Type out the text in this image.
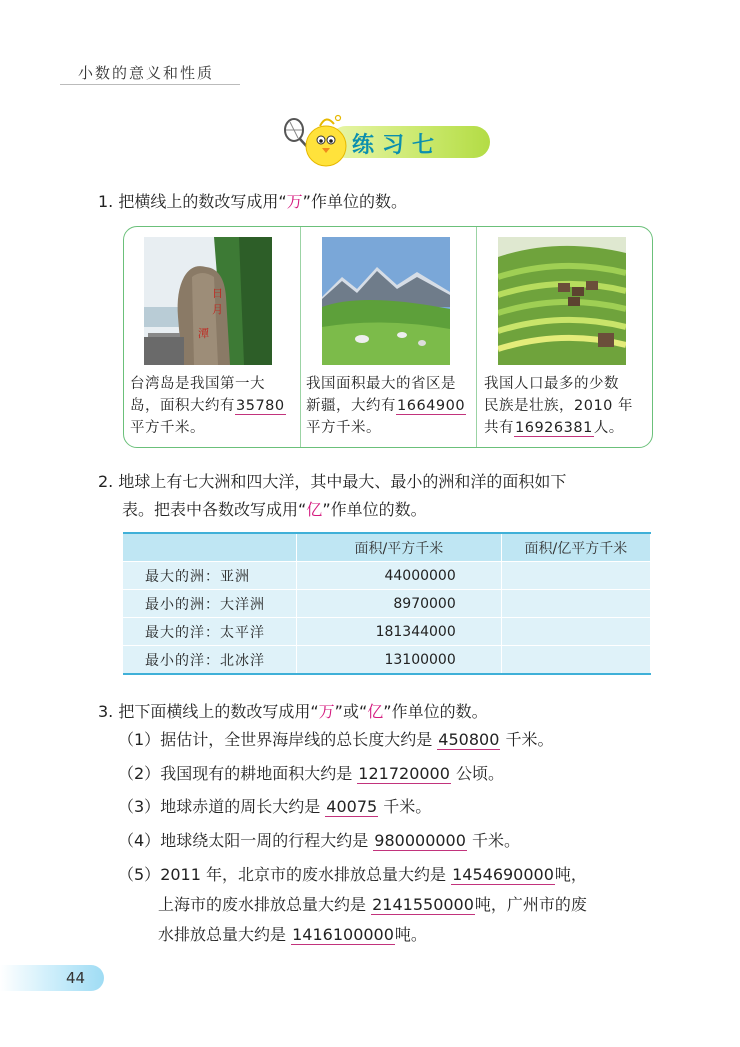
小数的意义和性质
练习七
1. 把横线上的数改写成用“万”作单位的数。
日
月
潭
台湾岛是我国第一大
岛，面积大约有35780
平方千米。
我国面积最大的省区是
新疆，大约有1664900
平方千米。
我国人口最多的少数
民族是壮族，2010 年
共有16926381人。
2. 地球上有七大洲和四大洋，其中最大、最小的洲和洋的面积如下
表。把表中各数改写成用“亿”作单位的数。
	面积/平方千米	面积/亿平方千米
最大的洲：亚洲	44000000	
最小的洲：大洋洲	8970000	
最大的洋：太平洋	181344000	
最小的洋：北冰洋	13100000	
3. 把下面横线上的数改写成用“万”或“亿”作单位的数。
（1）据估计，全世界海岸线的总长度大约是 450800 千米。
（2）我国现有的耕地面积大约是 121720000 公顷。
（3）地球赤道的周长大约是 40075 千米。
（4）地球绕太阳一周的行程大约是 980000000 千米。
（5）2011 年，北京市的废水排放总量大约是 1454690000吨，
上海市的废水排放总量大约是 2141550000吨，广州市的废
水排放总量大约是 1416100000吨。
44
